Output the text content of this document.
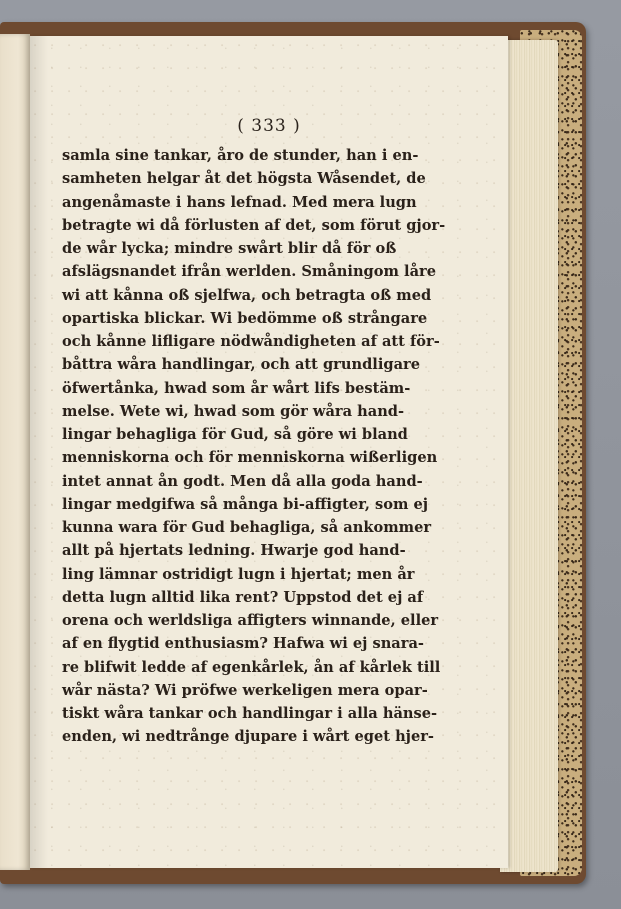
( 333 )

samla sine tankar, åro de stunder, han i en-
samheten helgar åt det högsta Wåsendet, de
angenåmaste i hans lefnad. Med mera lugn
betragte wi då förlusten af det, som förut gjor-
de wår lycka; mindre swårt blir då för oß
afslägsnandet ifrån werlden. Småningom låre
wi att kånna oß sjelfwa, och betragta oß med
opartiska blickar. Wi bedömme oß strångare
och kånne lifligare nödwåndigheten af att för-
båttra wåra handlingar, och att grundligare
öfwertånka, hwad som år wårt lifs bestäm-
melse. Wete wi, hwad som gör wåra hand-
lingar behagliga för Gud, så göre wi bland
menniskorna och för menniskorna wißerligen
intet annat ån godt. Men då alla goda hand-
lingar medgifwa så många bi-affigter, som ej
kunna wara för Gud behagliga, så ankommer
allt på hjertats ledning. Hwarje god hand-
ling lämnar ostridigt lugn i hjertat; men år
detta lugn alltid lika rent? Uppstod det ej af
orena och werldsliga affigters winnande, eller
af en flygtid enthusiasm? Hafwa wi ej snara-
re blifwit ledde af egenkårlek, ån af kårlek till
wår nästa? Wi pröfwe werkeligen mera opar-
tiskt wåra tankar och handlingar i alla hänse-
enden, wi nedtrånge djupare i wårt eget hjer-
